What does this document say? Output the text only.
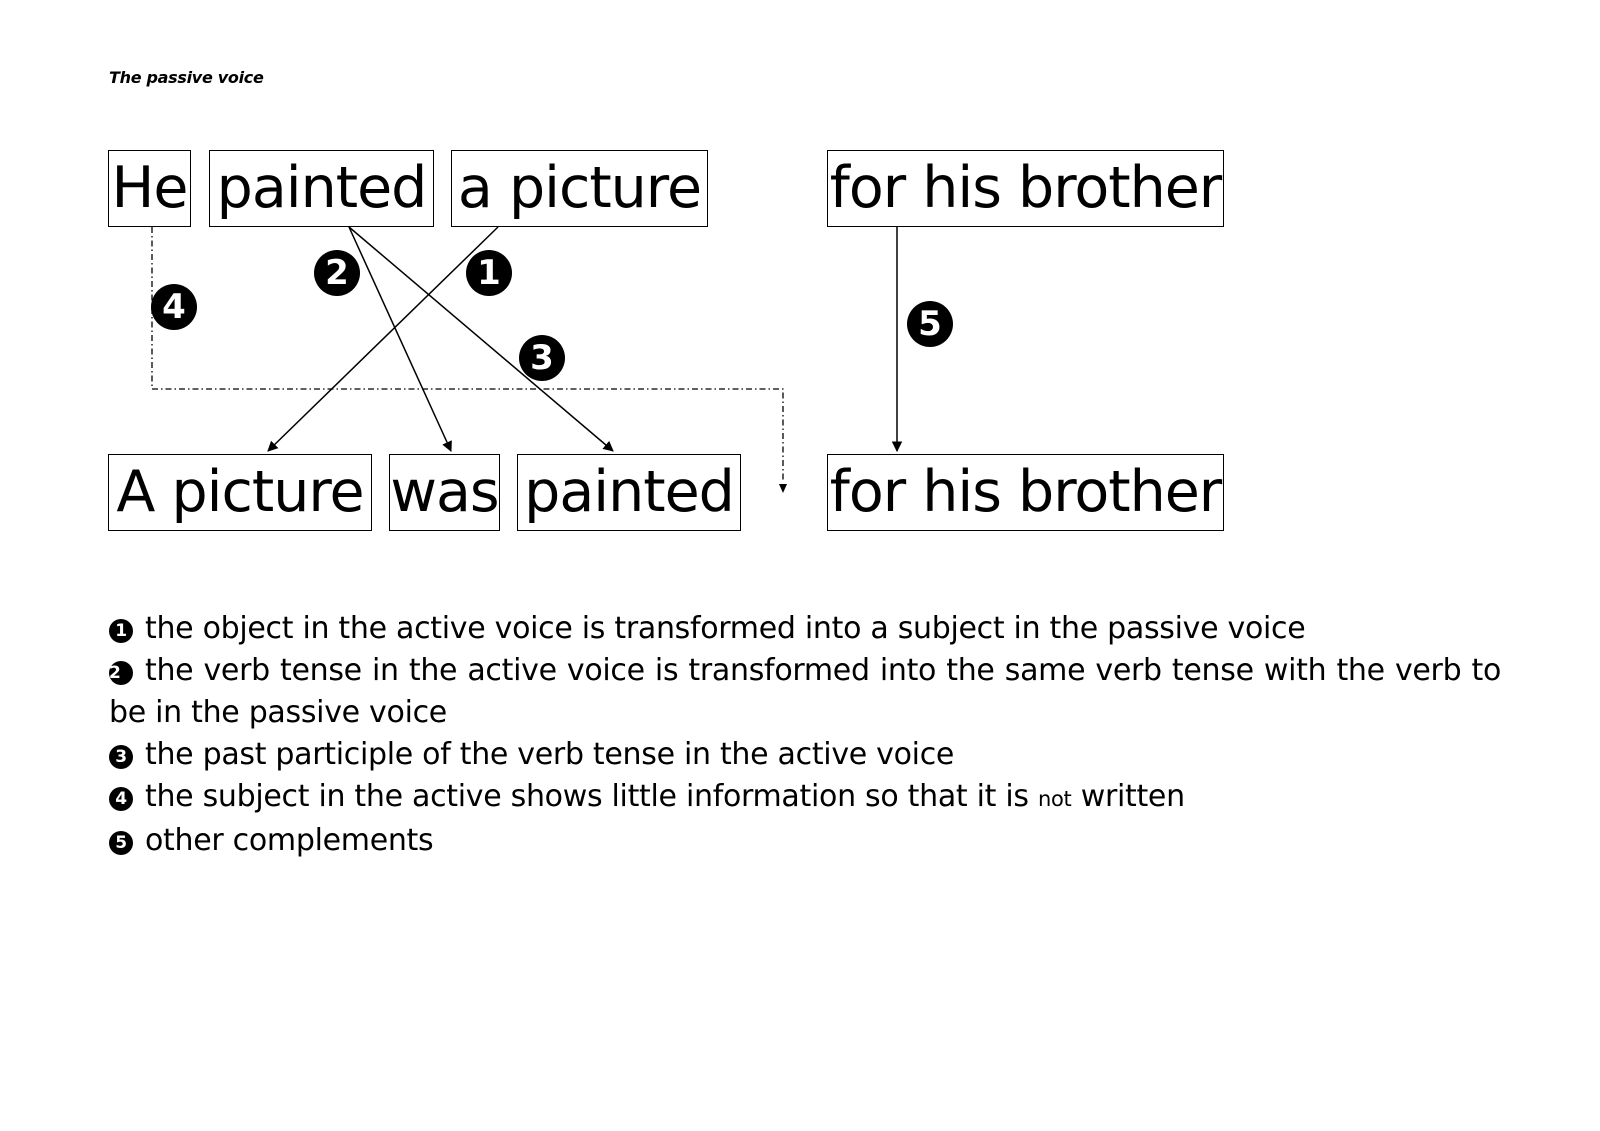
The passive voice
He painted a picture for his brother
A picture was painted for his brother
1
2
3
4	5

1 the object in the active voice is transformed into a subject in the passive voice

2 the verb tense in the active voice is transformed into the same verb tense with the verb to be in the passive voice

3 the past participle of the verb tense in the active voice

4 the subject in the active shows little information so that it is not written

5 other complements
